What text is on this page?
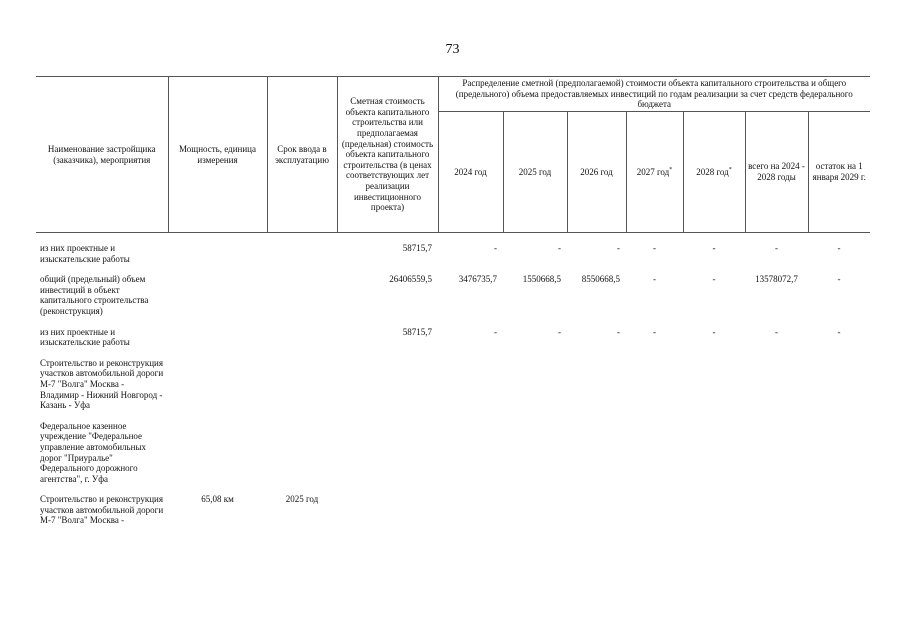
73
Наименование застройщика (заказчика), мероприятия	Мощность, единица измерения	Срок ввода в эксплуатацию	Сметная стоимость объекта капитального строительства или предполагаемая (предельная) стоимость объекта капитального строительства (в ценах соответствующих лет реализации инвестиционного проекта)	Распределение сметной (предполагаемой) стоимости объекта капитального строительства и общего (предельного) объема предоставляемых инвестиций по годам реализации за счет средств федерального бюджета						
				2024 год	2025 год	2026 год	2027 год*	2028 год*	всего на 2024 - 2028 годы	остаток на 1 января 2029 г.

из них проектные и изыскательские работы			58715,7	-	-	-	-	-	-	-

общий (предельный) объем инвестиций в объект капитального строительства (реконструкция)			26406559,5	3476735,7	1550668,5	8550668,5	-	-	13578072,7	-

из них проектные и изыскательские работы			58715,7	-	-	-	-	-	-	-

Строительство и реконструкция участков автомобильной дороги М-7 "Волга" Москва - Владимир - Нижний Новгород - Казань - Уфа										

Федеральное казенное учреждение "Федеральное управление автомобильных дорог "Приуралье" Федерального дорожного агентства", г. Уфа										

Строительство и реконструкция участков автомобильной дороги М-7 "Волга" Москва -	65,08 км	2025 год								
